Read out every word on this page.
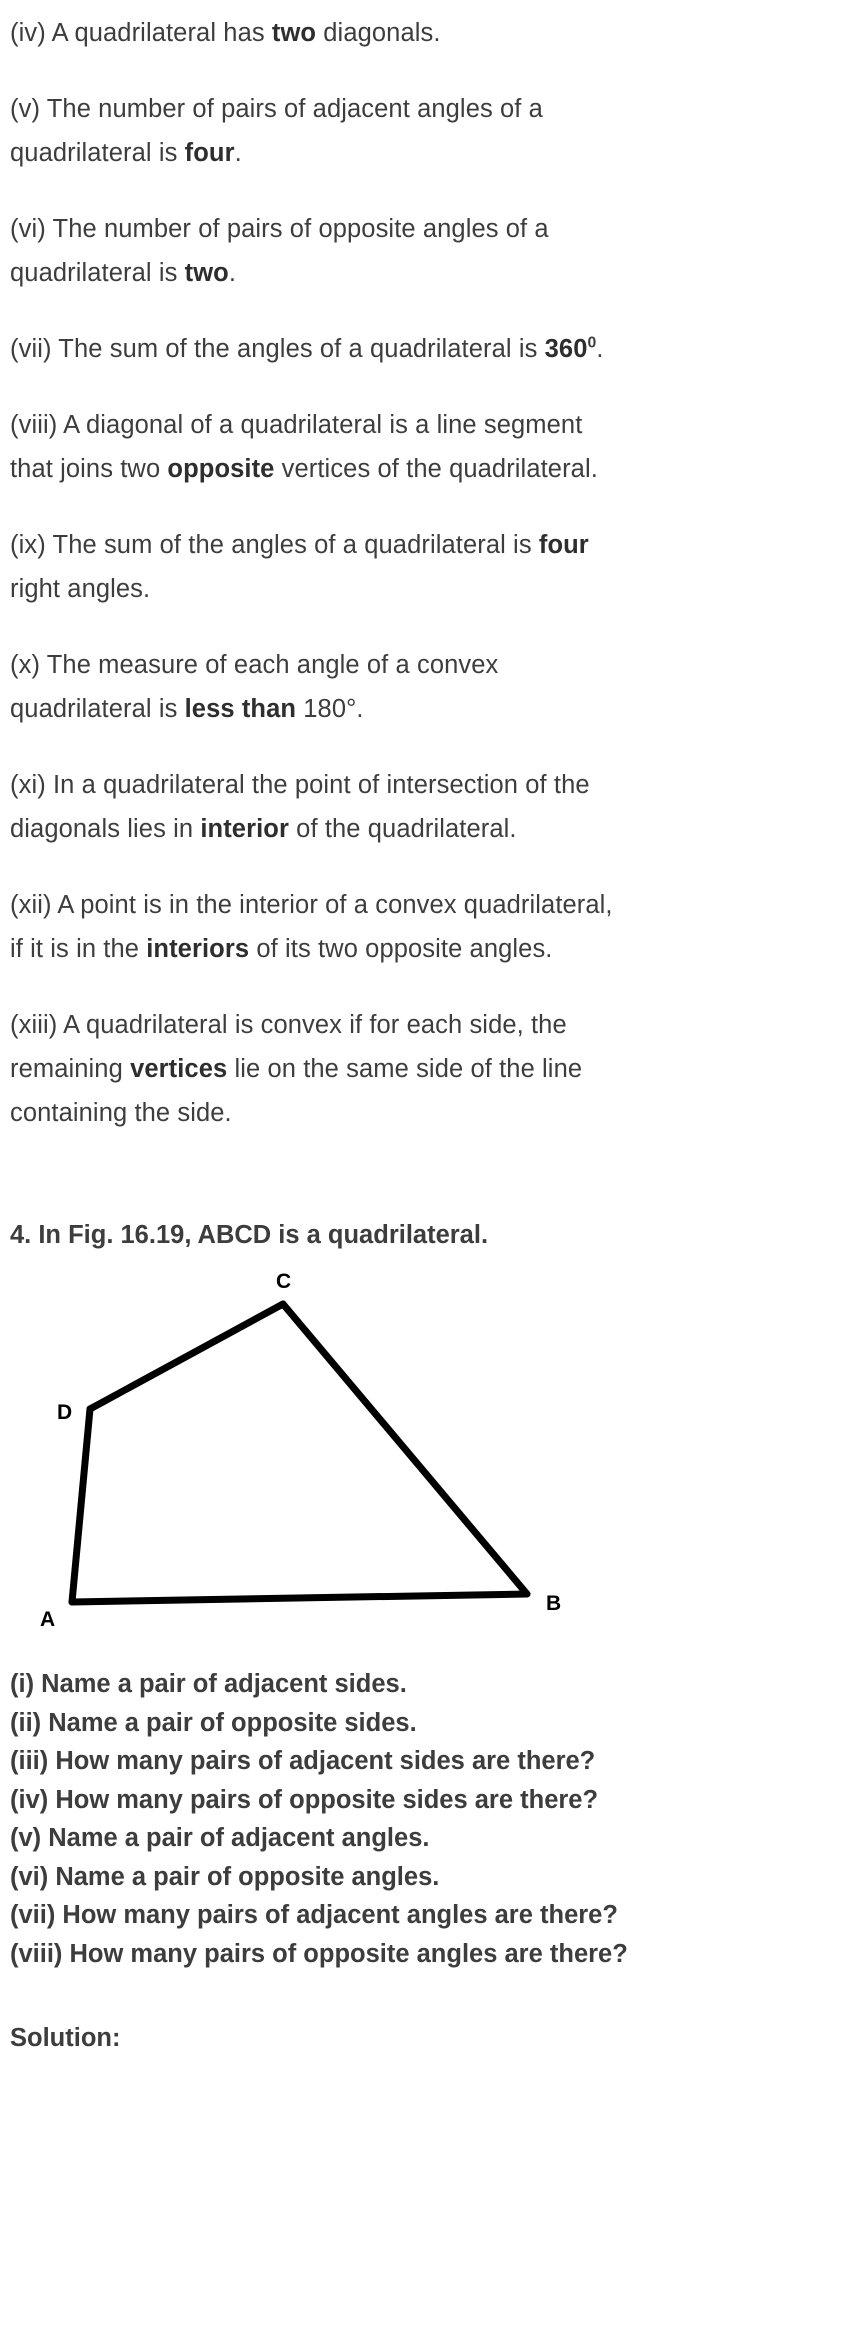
(iv) A quadrilateral has two diagonals.

(v) The number of pairs of adjacent angles of a quadrilateral is four.

(vi) The number of pairs of opposite angles of a quadrilateral is two.

(vii) The sum of the angles of a quadrilateral is $360^0$.

(viii) A diagonal of a quadrilateral is a line segment that joins two opposite vertices of the quadrilateral.

(ix) The sum of the angles of a quadrilateral is four right angles.

(x) The measure of each angle of a convex quadrilateral is less than 180°.

(xi) In a quadrilateral the point of intersection of the diagonals lies in interior of the quadrilateral.

(xii) A point is in the interior of a convex quadrilateral, if it is in the interiors of its two opposite angles.

(xiii) A quadrilateral is convex if for each side, the remaining vertices lie on the same side of the line containing the side.

4. In Fig. 16.19, ABCD is a quadrilateral.

A
B
C
D
(i) Name a pair of adjacent sides.
(ii) Name a pair of opposite sides.
(iii) How many pairs of adjacent sides are there?
(iv) How many pairs of opposite sides are there?
(v) Name a pair of adjacent angles.
(vi) Name a pair of opposite angles.
(vii) How many pairs of adjacent angles are there?
(viii) How many pairs of opposite angles are there?

Solution:
